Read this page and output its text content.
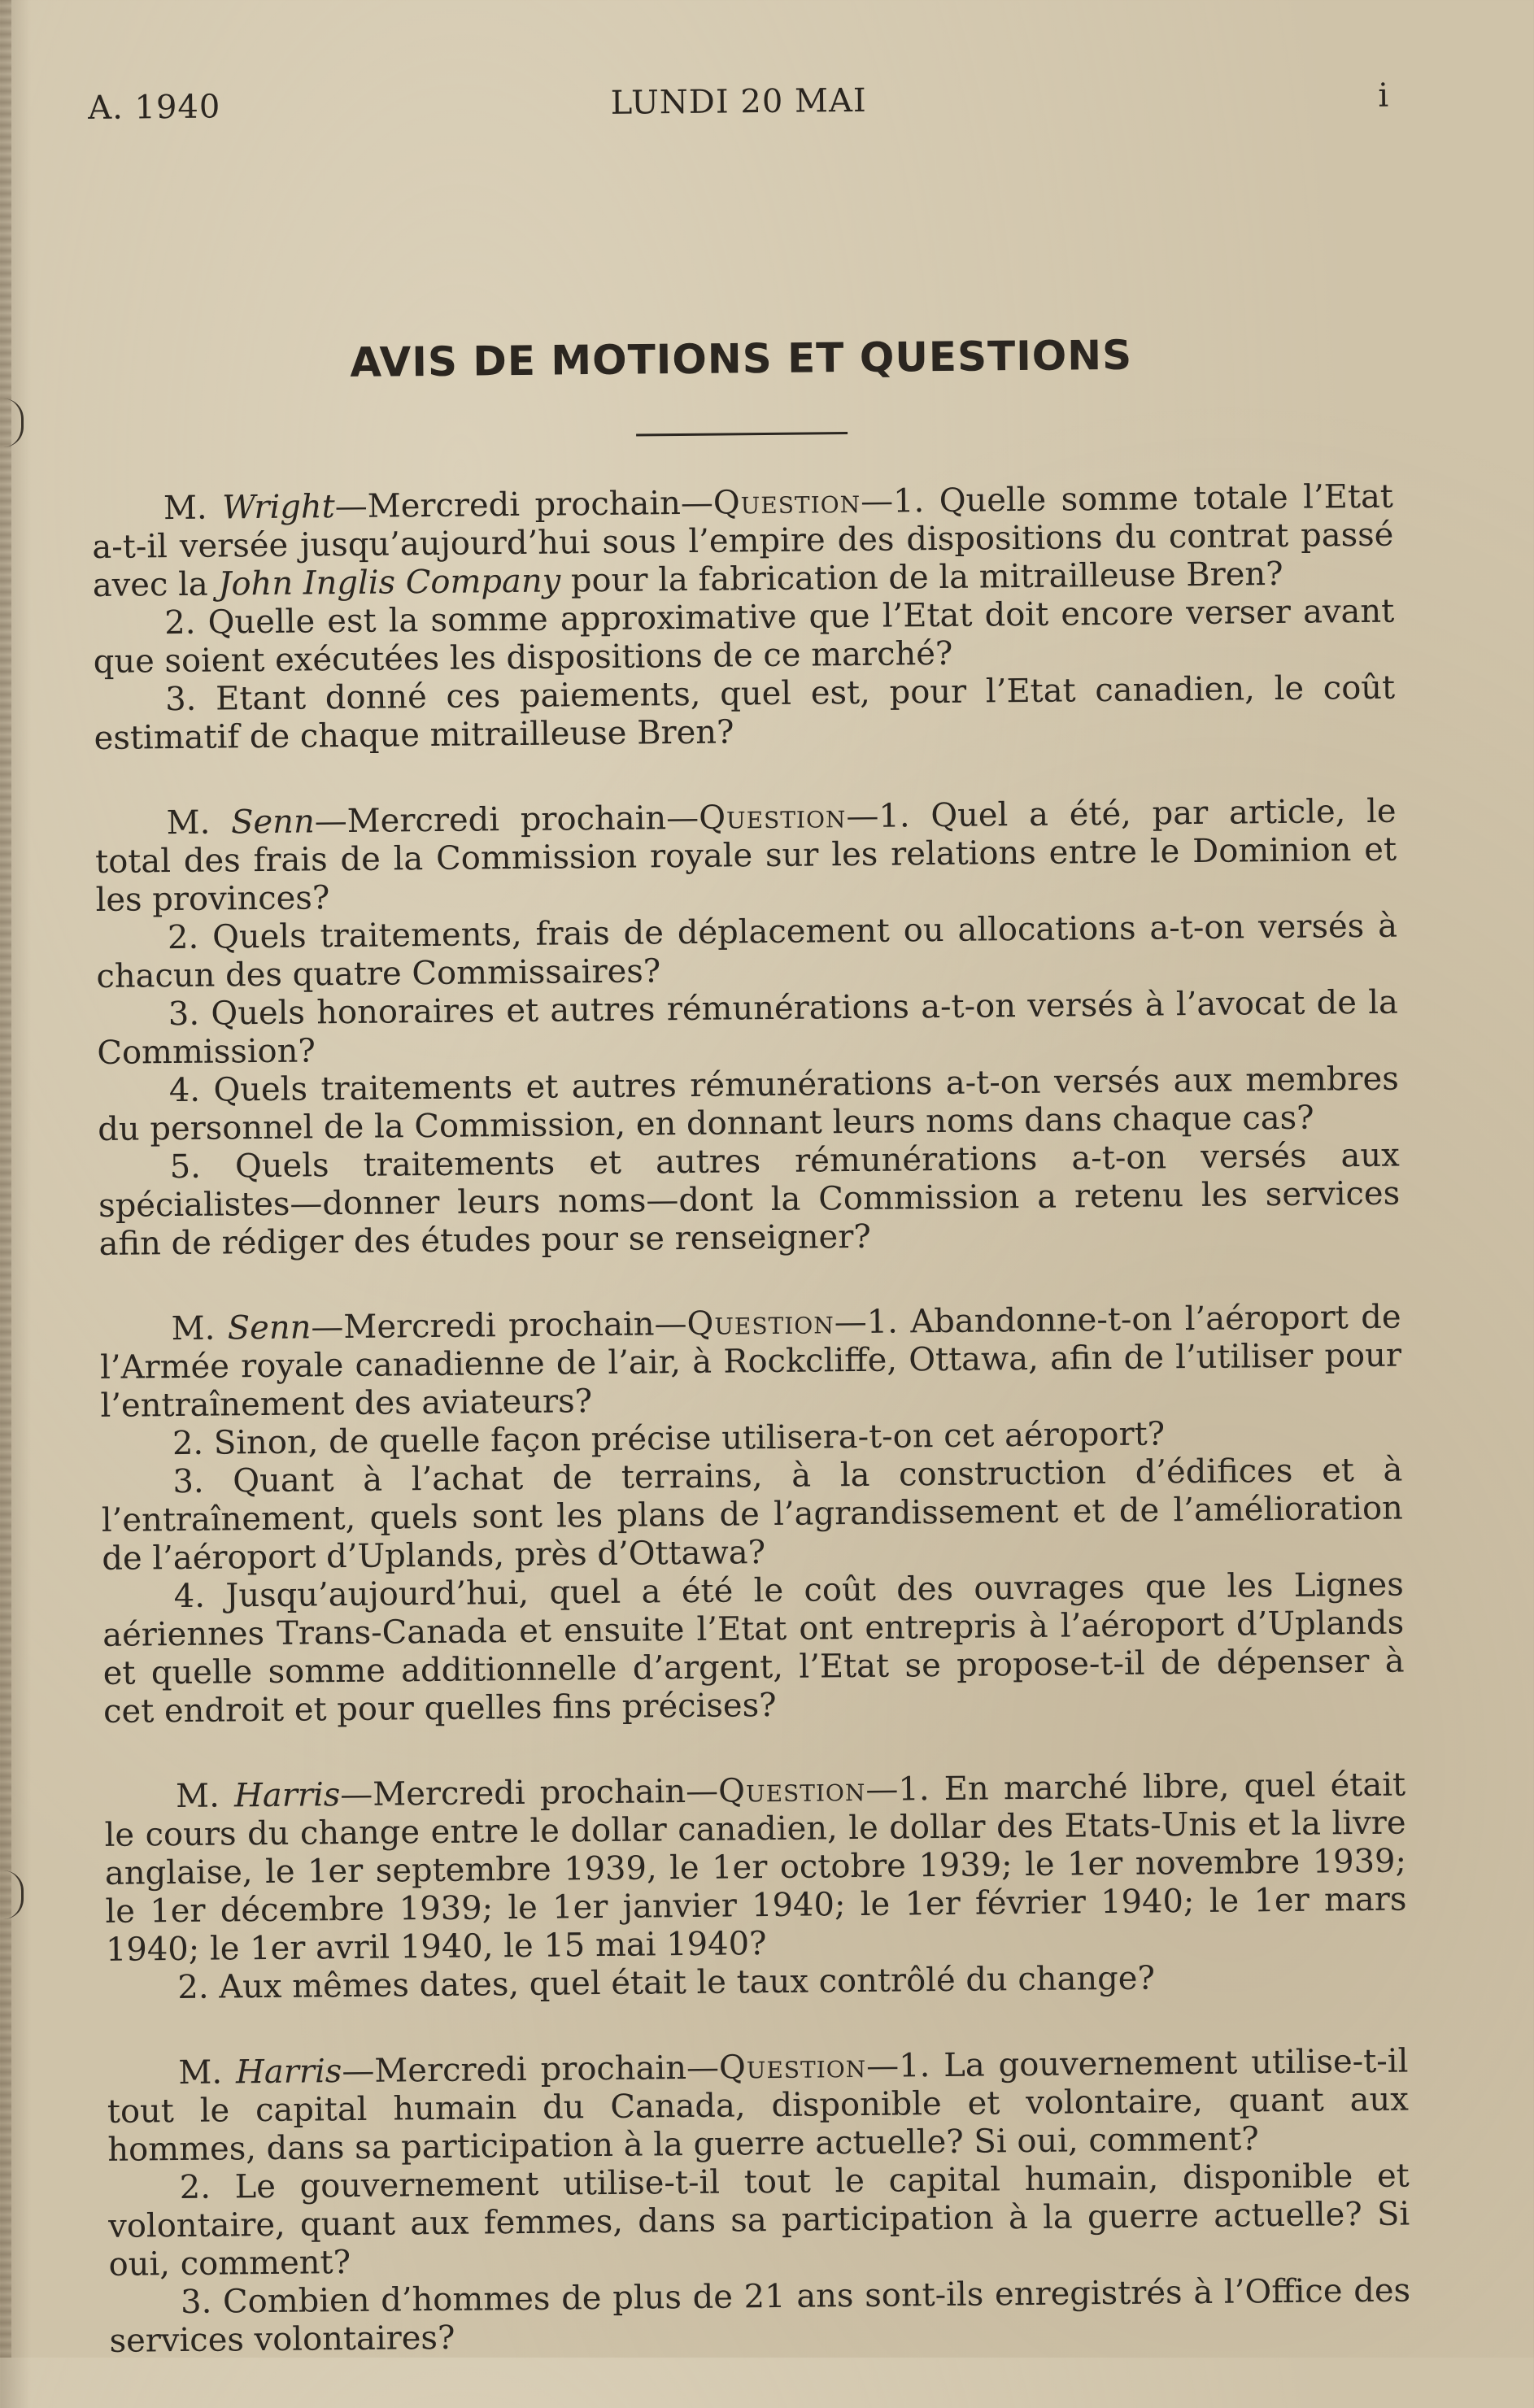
A. 1940	LUNDI 20 MAI	i
AVIS DE MOTIONS ET QUESTIONS

M. Wright—Mercredi prochain—Question—1. Quelle somme totale l’Etat a-t-il versée jusqu’aujourd’hui sous l’empire des dispositions du contrat passé avec la John Inglis Company pour la fabrication de la mitrailleuse Bren?

2. Quelle est la somme approximative que l’Etat doit encore verser avant que soient exécutées les dispositions de ce marché?

3. Etant donné ces paiements, quel est, pour l’Etat canadien, le coût estimatif de chaque mitrailleuse Bren?

M. Senn—Mercredi prochain—Question—1. Quel a été, par article, le total des frais de la Commission royale sur les relations entre le Dominion et les provinces?

2. Quels traitements, frais de déplacement ou allocations a-t-on versés à chacun des quatre Commissaires?

3. Quels honoraires et autres rémunérations a-t-on versés à l’avocat de la Commission?

4. Quels traitements et autres rémunérations a-t-on versés aux membres du personnel de la Commission, en donnant leurs noms dans chaque cas?

5. Quels traitements et autres rémunérations a-t-on versés aux spécialistes—donner leurs noms—dont la Commission a retenu les services afin de rédiger des études pour se renseigner?

M. Senn—Mercredi prochain—Question—1. Abandonne-t-on l’aéroport de l’Armée royale canadienne de l’air, à Rockcliffe, Ottawa, afin de l’utiliser pour l’entraînement des aviateurs?

2. Sinon, de quelle façon précise utilisera-t-on cet aéroport?

3. Quant à l’achat de terrains, à la construction d’édifices et à l’entraînement, quels sont les plans de l’agrandissement et de l’amélioration de l’aéroport d’Uplands, près d’Ottawa?

4. Jusqu’aujourd’hui, quel a été le coût des ouvrages que les Lignes aériennes Trans-Canada et ensuite l’Etat ont entrepris à l’aéroport d’Uplands et quelle somme additionnelle d’argent, l’Etat se propose-t-il de dépenser à cet endroit et pour quelles fins précises?

M. Harris—Mercredi prochain—Question—1. En marché libre, quel était le cours du change entre le dollar canadien, le dollar des Etats-Unis et la livre anglaise, le 1er septembre 1939, le 1er octobre 1939; le 1er novembre 1939; le 1er décembre 1939; le 1er janvier 1940; le 1er février 1940; le 1er mars 1940; le 1er avril 1940, le 15 mai 1940?

2. Aux mêmes dates, quel était le taux contrôlé du change?

M. Harris—Mercredi prochain—Question—1. La gouvernement utilise-t-il tout le capital humain du Canada, disponible et volontaire, quant aux hommes, dans sa participation à la guerre actuelle? Si oui, comment?

2. Le gouvernement utilise-t-il tout le capital humain, disponible et volontaire, quant aux femmes, dans sa participation à la guerre actuelle? Si oui, comment?

3. Combien d’hommes de plus de 21 ans sont-ils enregistrés à l’Office des services volontaires?
